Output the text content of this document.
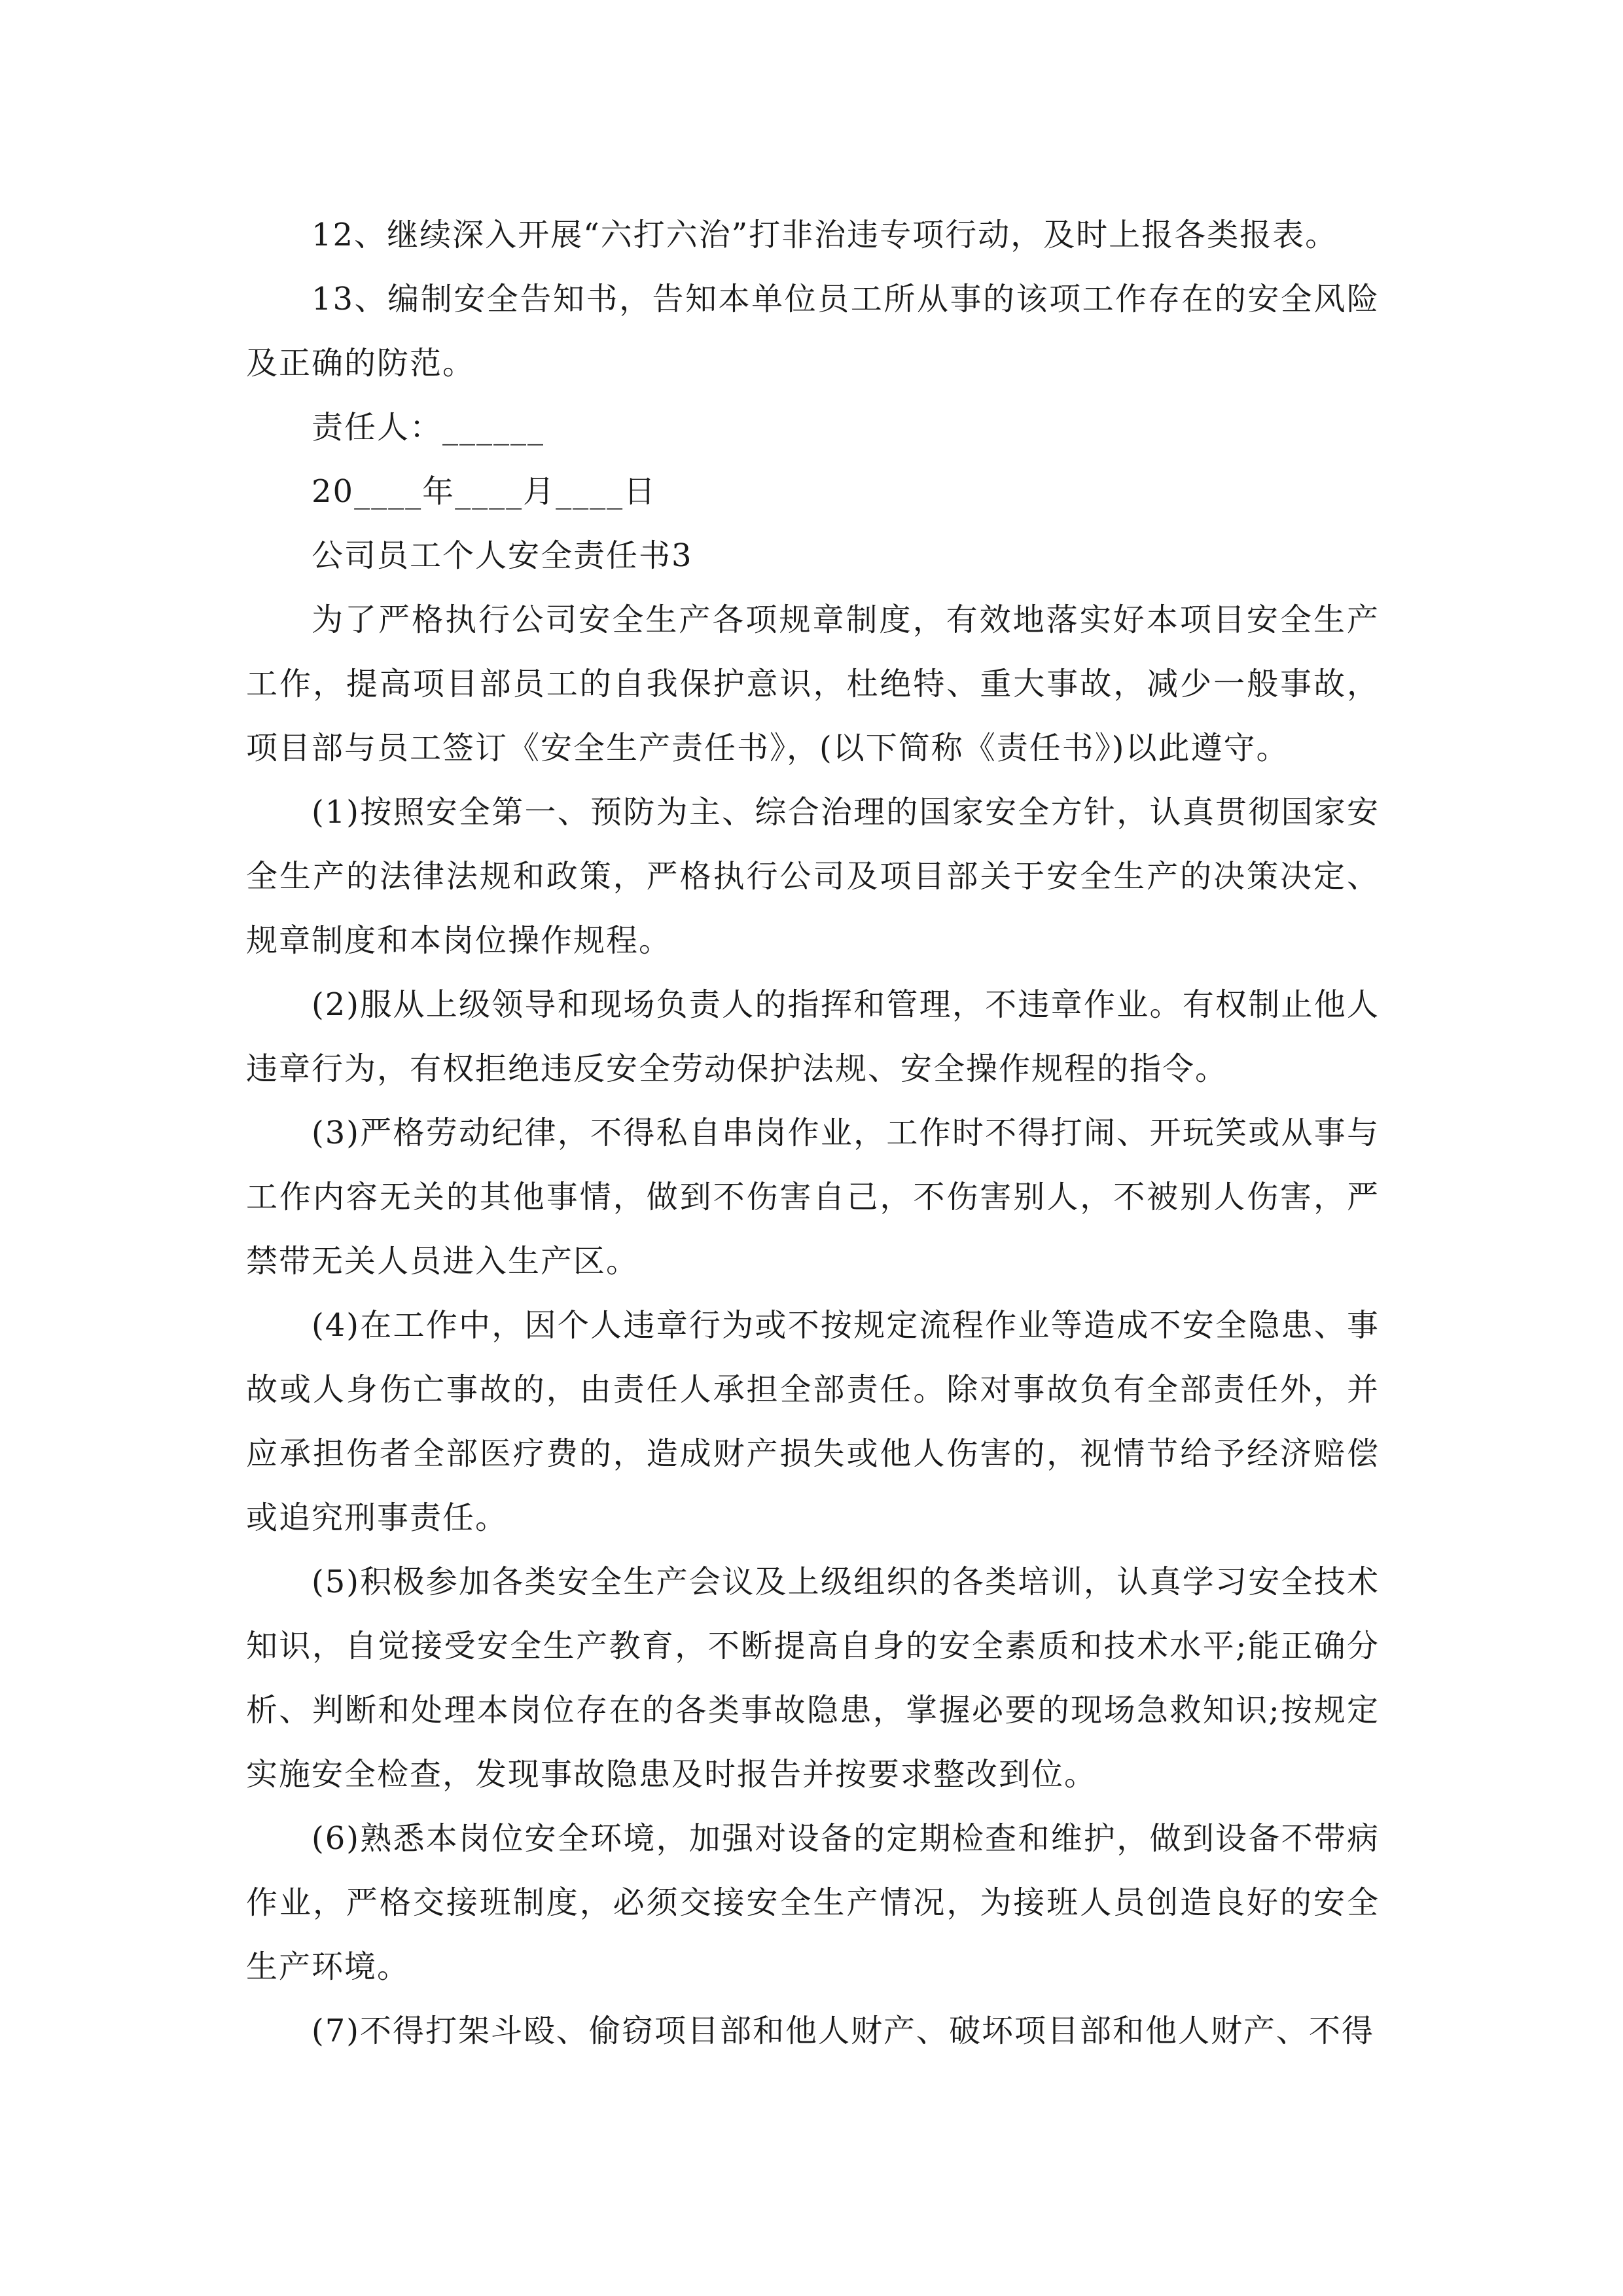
12、继续深入开展“六打六治”打非治违专项行动，及时上报各类报表。

13、编制安全告知书，告知本单位员工所从事的该项工作存在的安全风险及正确的防范。

责任人：______

20____年____月____日

公司员工个人安全责任书3

为了严格执行公司安全生产各项规章制度，有效地落实好本项目安全生产工作，提高项目部员工的自我保护意识，杜绝特、重大事故，减少一般事故，项目部与员工签订《安全生产责任书》，(以下简称《责任书》)以此遵守。

(1)按照安全第一、预防为主、综合治理的国家安全方针，认真贯彻国家安全生产的法律法规和政策，严格执行公司及项目部关于安全生产的决策决定、规章制度和本岗位操作规程。

(2)服从上级领导和现场负责人的指挥和管理，不违章作业。有权制止他人违章行为，有权拒绝违反安全劳动保护法规、安全操作规程的指令。

(3)严格劳动纪律，不得私自串岗作业，工作时不得打闹、开玩笑或从事与工作内容无关的其他事情，做到不伤害自己，不伤害别人，不被别人伤害，严禁带无关人员进入生产区。

(4)在工作中，因个人违章行为或不按规定流程作业等造成不安全隐患、事故或人身伤亡事故的，由责任人承担全部责任。除对事故负有全部责任外，并应承担伤者全部医疗费的，造成财产损失或他人伤害的，视情节给予经济赔偿或追究刑事责任。

(5)积极参加各类安全生产会议及上级组织的各类培训，认真学习安全技术知识，自觉接受安全生产教育，不断提高自身的安全素质和技术水平;能正确分析、判断和处理本岗位存在的各类事故隐患，掌握必要的现场急救知识;按规定实施安全检查，发现事故隐患及时报告并按要求整改到位。

(6)熟悉本岗位安全环境，加强对设备的定期检查和维护，做到设备不带病作业，严格交接班制度，必须交接安全生产情况，为接班人员创造良好的安全生产环境。

(7)不得打架斗殴、偷窃项目部和他人财产、破坏项目部和他人财产、不得
